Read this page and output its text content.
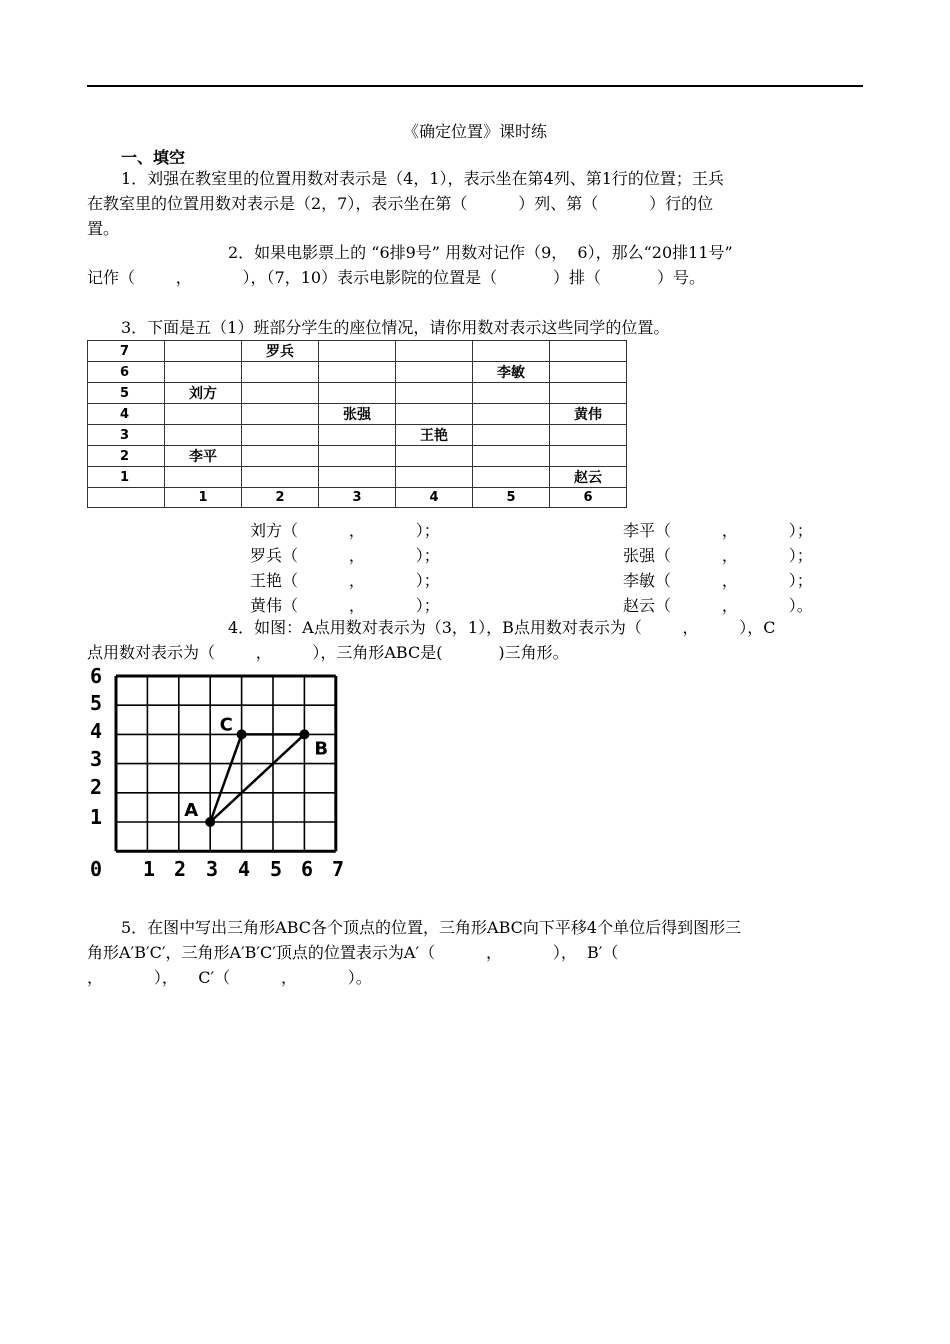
《确定位置》课时练
一、填空
1．刘强在教室里的位置用数对表示是（4，1），表示坐在第4列、第1行的位置；王兵
在教室里的位置用数对表示是（2，7），表示坐在第（          ）列、第（          ）行的位
置。
2．如果电影票上的 “6排9号” 用数对记作（9，  6），那么“20排11号”
记作（        ，          ），（7，10）表示电影院的位置是（           ）排（           ）号。
3．下面是五（1）班部分学生的座位情况，请你用数对表示这些同学的位置。
7		罗兵				
6					李敏	
5	刘方					
4			张强			黄伟
3				王艳		
2	李平					
1						赵云
	1	2	3	4	5	6
刘方（          ，          ）；
罗兵（          ，          ）；
王艳（          ，          ）；
黄伟（          ，          ）；
李平（          ，          ）；
张强（          ，          ）；
李敏（          ，          ）；
赵云（          ，          ）。
4．如图：A点用数对表示为（3，1），B点用数对表示为（        ，        ），C
点用数对表示为（        ，        ），三角形ABC是(           )三角形。
6
5
4
3
2
1
0 1 2 3 4 5 6 7
A
B
C
5．在图中写出三角形ABC各个顶点的位置，三角形ABC向下平移4个单位后得到图形三
角形A′B′C′，三角形A′B′C′顶点的位置表示为A′（          ，          ），  B′（
，          ），    C′（          ，          ）。
